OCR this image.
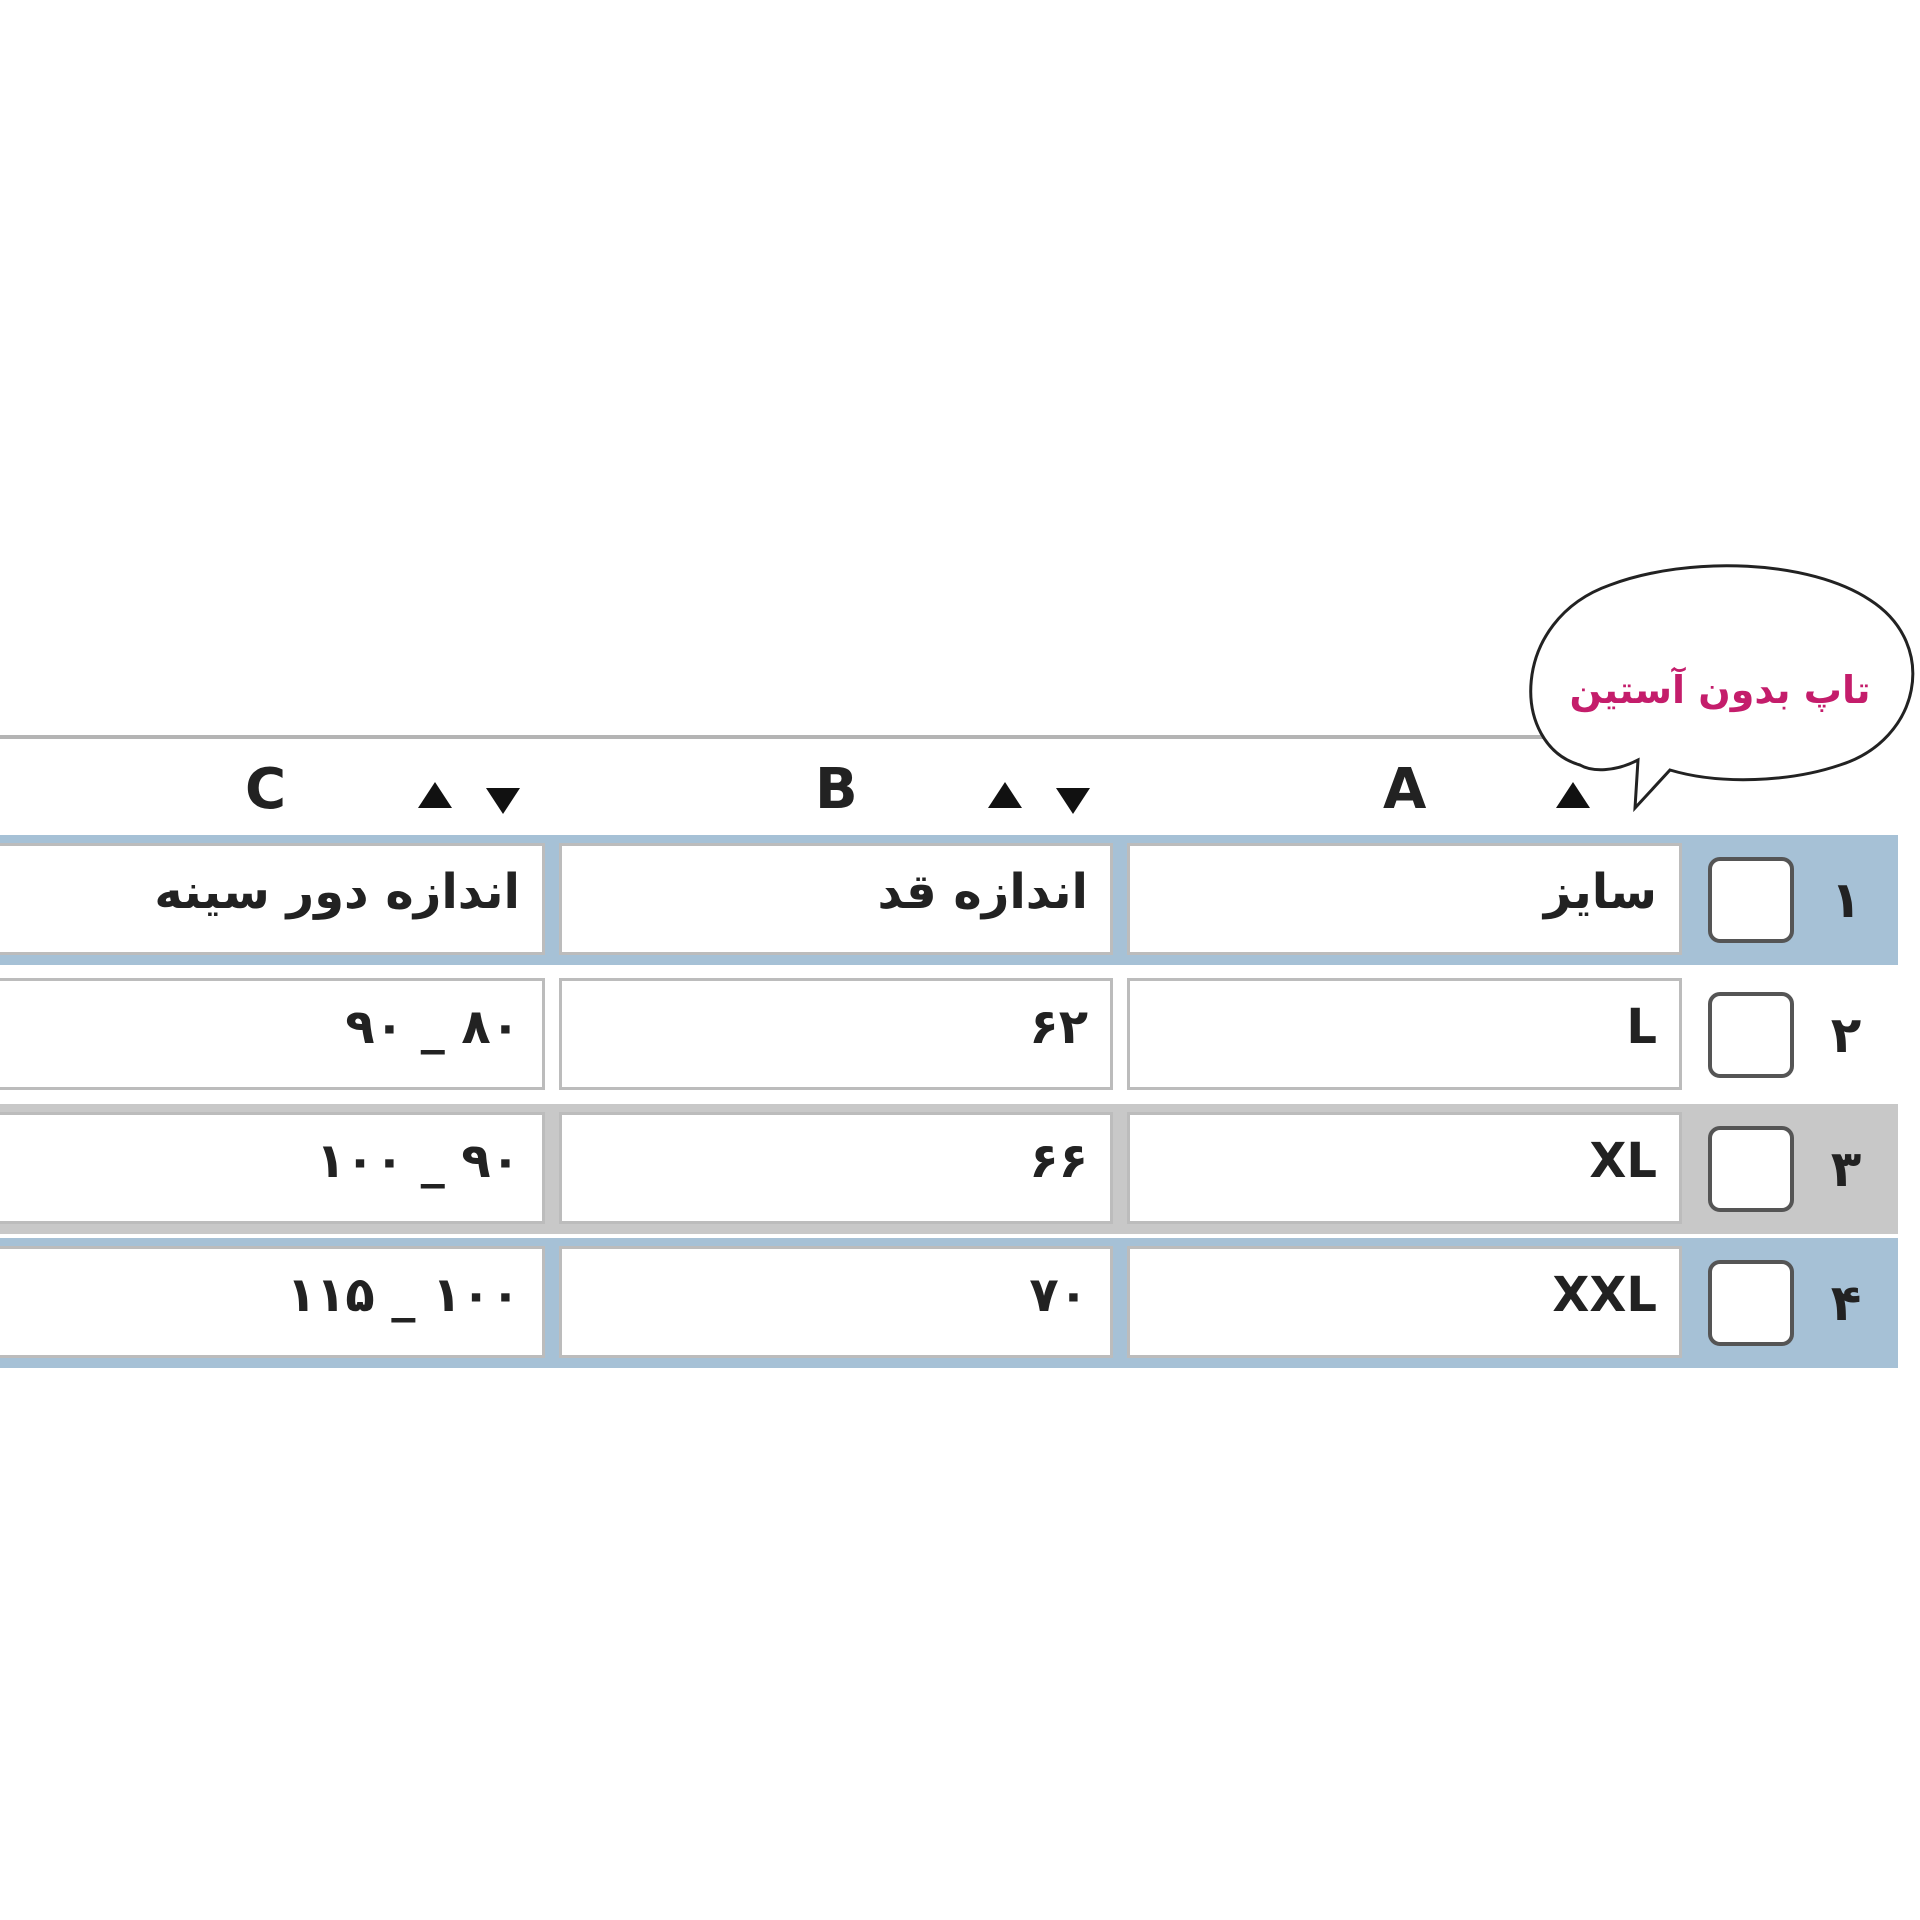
C	B	A
اندازه دور سینه	اندازه قد	سایز	۱
۸۰ _ ۹۰	۶۲	L	۲
۹۰ _ ۱۰۰	۶۶	XL	۳
۱۰۰ _ ۱۱۵	۷۰	XXL	۴
تاپ بدون آستین
